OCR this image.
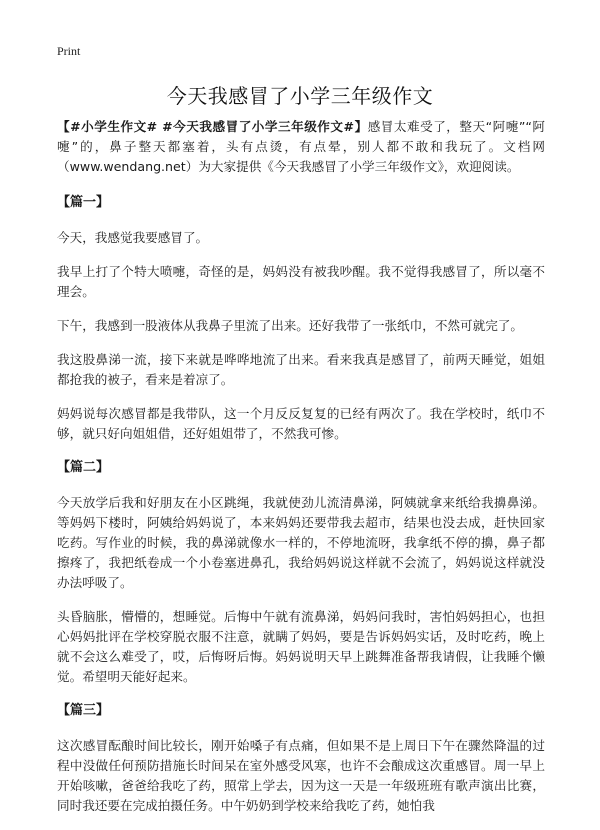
Print
今天我感冒了小学三年级作文

【#小学生作文# #今天我感冒了小学三年级作文#】感冒太难受了，整天“阿嚏”“阿嚏”的，鼻子整天都塞着，头有点烫，有点晕，别人都不敢和我玩了。文档网（www.wendang.net）为大家提供《今天我感冒了小学三年级作文》，欢迎阅读。

【篇一】

今天，我感觉我要感冒了。

我早上打了个特大喷嚏，奇怪的是，妈妈没有被我吵醒。我不觉得我感冒了，所以毫不理会。

下午，我感到一股液体从我鼻子里流了出来。还好我带了一张纸巾，不然可就完了。

我这股鼻涕一流，接下来就是哗哗地流了出来。看来我真是感冒了，前两天睡觉，姐姐都抢我的被子，看来是着凉了。

妈妈说每次感冒都是我带队，这一个月反反复复的已经有两次了。我在学校时，纸巾不够，就只好向姐姐借，还好姐姐带了，不然我可惨。

【篇二】

今天放学后我和好朋友在小区跳绳，我就使劲儿流清鼻涕，阿姨就拿来纸给我擤鼻涕。等妈妈下楼时，阿姨给妈妈说了，本来妈妈还要带我去超市，结果也没去成，赶快回家吃药。写作业的时候，我的鼻涕就像水一样的，不停地流呀，我拿纸不停的擤，鼻子都擦疼了，我把纸卷成一个小卷塞进鼻孔，我给妈妈说这样就不会流了，妈妈说这样就没办法呼吸了。

头昏脑胀，懵懵的，想睡觉。后悔中午就有流鼻涕，妈妈问我时，害怕妈妈担心，也担心妈妈批评在学校穿脱衣服不注意，就瞒了妈妈，要是告诉妈妈实话，及时吃药，晚上就不会这么难受了，哎，后悔呀后悔。妈妈说明天早上跳舞准备帮我请假，让我睡个懒觉。希望明天能好起来。

【篇三】

这次感冒酝酿时间比较长，刚开始嗓子有点痛，但如果不是上周日下午在骤然降温的过程中没做任何预防措施长时间呆在室外感受风寒，也许不会酿成这次重感冒。周一早上开始咳嗽，爸爸给我吃了药，照常上学去，因为这一天是一年级班班有歌声演出比赛，同时我还要在完成拍摄任务。中午奶奶到学校来给我吃了药，她怕我
